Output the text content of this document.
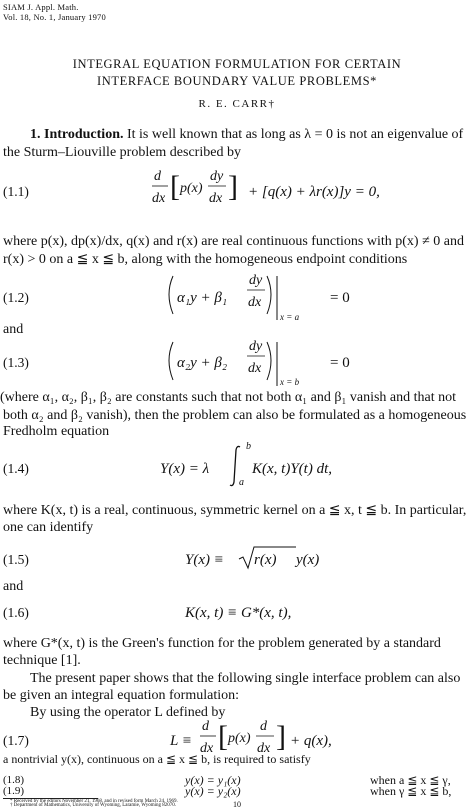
SIAM J. Appl. Math.
Vol. 18, No. 1, January 1970
INTEGRAL EQUATION FORMULATION FOR CERTAIN
INTERFACE BOUNDARY VALUE PROBLEMS*
R. E. CARR†
1. Introduction. It is well known that as long as λ = 0 is not an eigenvalue of
the Sturm–Liouville problem described by
(1.1)
d
dx [ p(x)
dy
dx ] + [q(x) + λr(x)]y = 0,
where p(x), dp(x)/dx, q(x) and r(x) are real continuous functions with p(x) ≠ 0 and
r(x) > 0 on a ≦ x ≦ b, along with the homogeneous endpoint conditions
(1.2)
dy
dx
α₁y + β₁
x = a
= 0
and
(1.3)
dy
dx
α₂y + β₂
x = b
= 0
(where α₁, α₂, β₁, β₂ are constants such that not both α₁ and β₁ vanish and that not
both α₂ and β₂ vanish), then the problem can also be formulated as a homogeneous
Fredholm equation
(1.4)	Y(x) = λ
b
a
K(x, t)Y(t) dt,
where K(x, t) is a real, continuous, symmetric kernel on a ≦ x, t ≦ b. In particular,
one can identify
(1.5)	Y(x) ≡ r(x) y(x)
and
(1.6)	K(x, t) ≡ G*(x, t),
where G*(x, t) is the Green's function for the problem generated by a standard
technique [1].
The present paper shows that the following single interface problem can also
be given an integral equation formulation:
By using the operator L defined by
(1.7)	L ≡
d
dx [ p(x)
d
dx ] + q(x),
a nontrivial y(x), continuous on a ≦ x ≦ b, is required to satisfy
(1.8)	y(x) = y₁(x)	when a ≦ x ≦ γ,
(1.9)	y(x) = y₂(x)	when γ ≦ x ≦ b,
* Received by the editors November 21, 1968, and in revised form March 24, 1969.
† Department of Mathematics, University of Wyoming, Laramie, Wyoming 82070.	10
